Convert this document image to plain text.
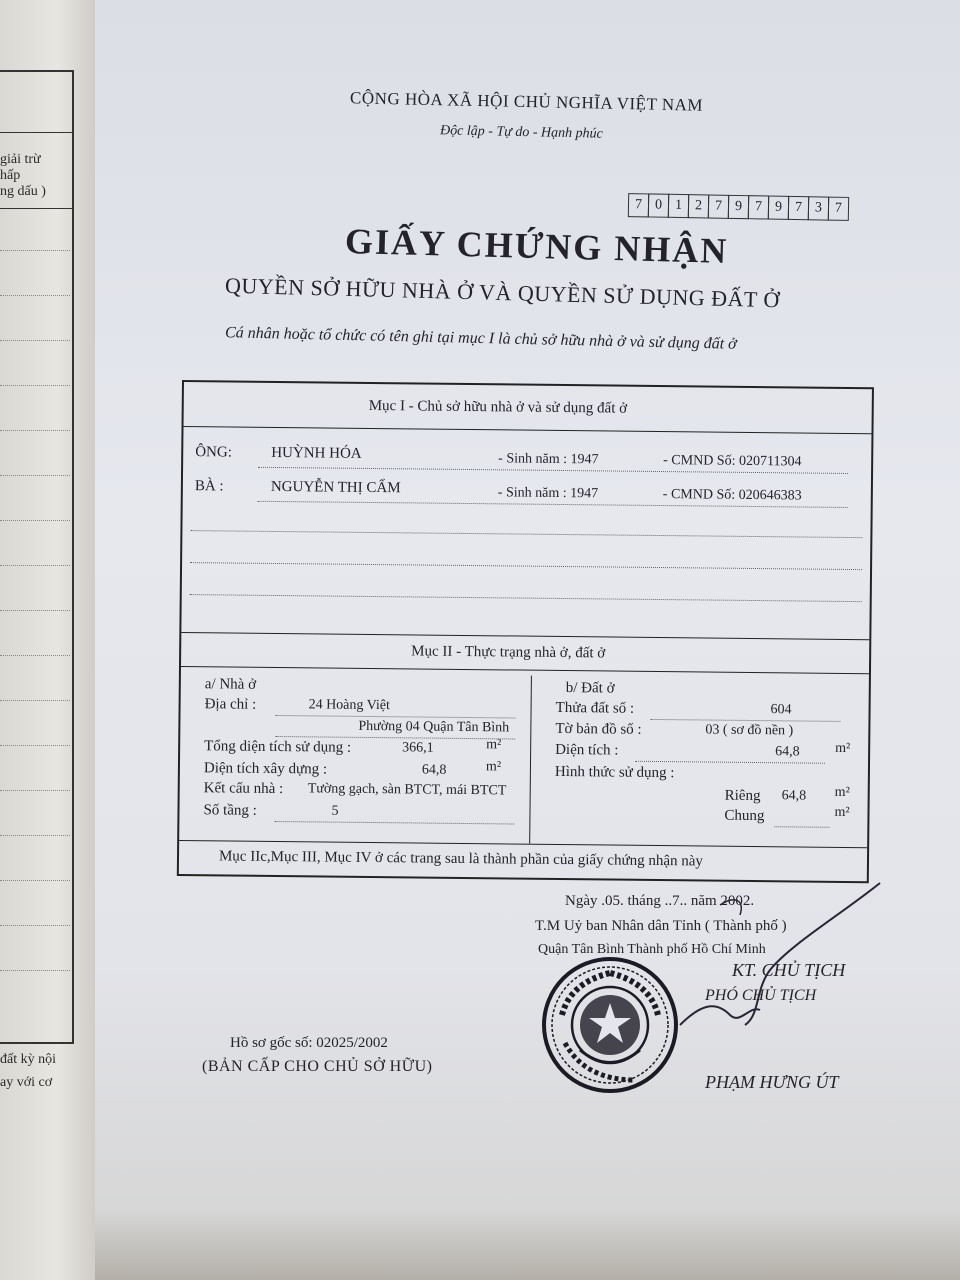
giải trừ
hấp
ng dấu )
đất kỳ nội
ay với cơ
CỘNG HÒA XÃ HỘI CHỦ NGHĨA VIỆT NAM
Độc lập - Tự do - Hạnh phúc
7 0 1 2 7 9 7 9 7 3 7
GIẤY CHỨNG NHẬN
QUYỀN SỞ HỮU NHÀ Ở VÀ QUYỀN SỬ DỤNG ĐẤT Ở
Cá nhân hoặc tổ chức có tên ghi tại mục I là chủ sở hữu nhà ở và sử dụng đất ở
Mục I - Chủ sở hữu nhà ở và sử dụng đất ở
ÔNG:	HUỲNH HÓA	- Sinh năm : 1947	- CMND Số: 020711304
BÀ :	NGUYỄN THỊ CẨM	- Sinh năm : 1947	- CMND Số: 020646383
Mục II - Thực trạng nhà ở, đất ở
a/ Nhà ở
Địa chỉ :	24 Hoàng Việt
Phường 04 Quận Tân Bình
Tổng diện tích sử dụng :	366,1	m²
Diện tích xây dựng :	64,8	m²
Kết cấu nhà : Tường gạch, sàn BTCT, mái BTCT
Số tầng :	5
b/ Đất ở
Thửa đất số :	604
Tờ bản đồ số :	03 ( sơ đồ nền )
Diện tích :	64,8	m²
Hình thức sử dụng :
Riêng 64,8 m²
Chung	m²
Mục IIc,Mục III, Mục IV ở các trang sau là thành phần của giấy chứng nhận này
Ngày .05. tháng ..7.. năm 2002.
T.M Uỷ ban Nhân dân Tỉnh ( Thành phố )
Quận Tân Bình Thành phố Hồ Chí Minh
KT. CHỦ TỊCH
PHÓ CHỦ TỊCH
PHẠM HƯNG ÚT
Hồ sơ gốc số: 02025/2002
(BẢN CẤP CHO CHỦ SỞ HỮU)
